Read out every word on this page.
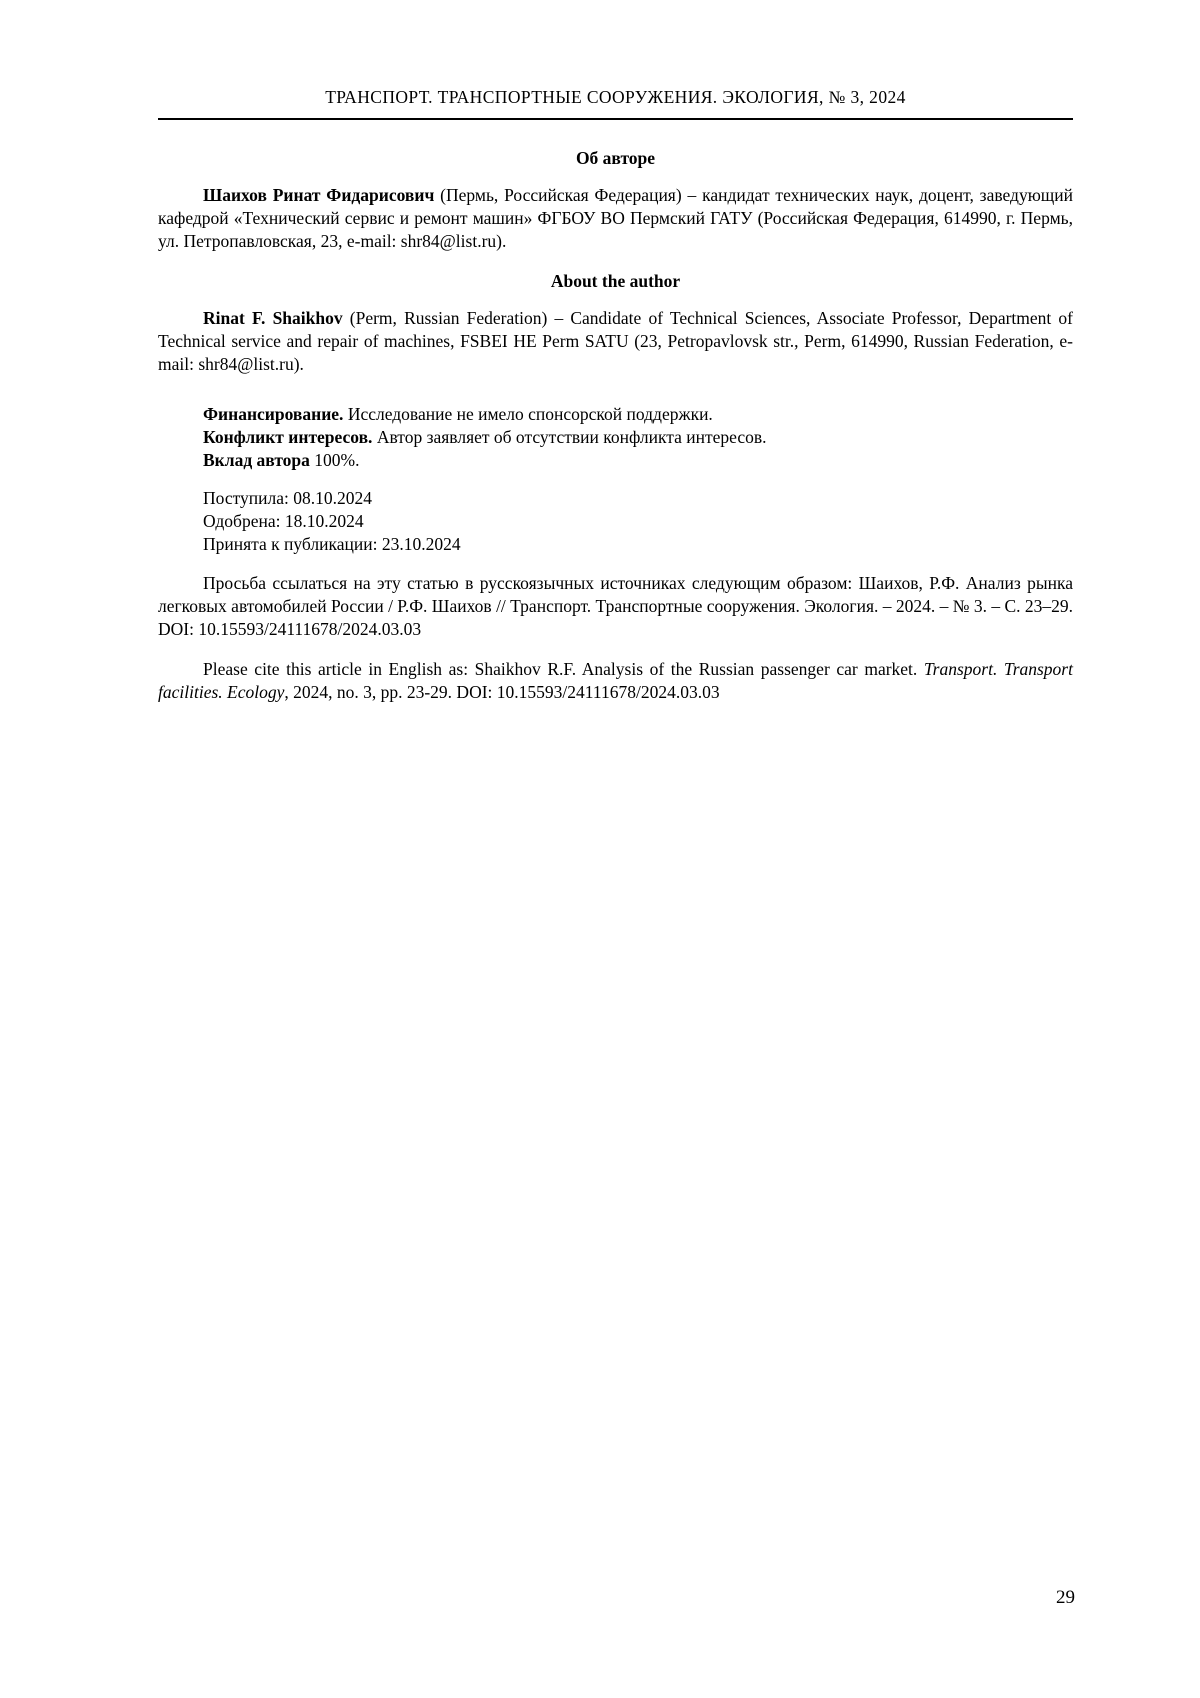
ТРАНСПОРТ. ТРАНСПОРТНЫЕ СООРУЖЕНИЯ. ЭКОЛОГИЯ, № 3, 2024
Об авторе

Шаихов Ринат Фидарисович (Пермь, Российская Федерация) – кандидат технических наук, доцент, заведующий кафедрой «Технический сервис и ремонт машин» ФГБОУ ВО Пермский ГАТУ (Российская Федерация, 614990, г. Пермь, ул. Петропавловская, 23, e-mail: shr84@list.ru).

About the author

Rinat F. Shaikhov (Perm, Russian Federation) – Candidate of Technical Sciences, Associate Professor, Department of Technical service and repair of machines, FSBEI HE Perm SATU (23, Petropavlovsk str., Perm, 614990, Russian Federation, e-mail: shr84@list.ru).

Финансирование. Исследование не имело спонсорской поддержки.
Конфликт интересов. Автор заявляет об отсутствии конфликта интересов.
Вклад автора 100%.
Поступила: 08.10.2024
Одобрена: 18.10.2024
Принята к публикации: 23.10.2024

Просьба ссылаться на эту статью в русскоязычных источниках следующим образом: Шаихов, Р.Ф. Анализ рынка легковых автомобилей России / Р.Ф. Шаихов // Транспорт. Транспортные сооружения. Экология. – 2024. – № 3. – С. 23–29. DOI: 10.15593/24111678/2024.03.03

Please cite this article in English as: Shaikhov R.F. Analysis of the Russian passenger car market. Transport. Transport facilities. Ecology, 2024, no. 3, pp. 23-29. DOI: 10.15593/24111678/2024.03.03

29
